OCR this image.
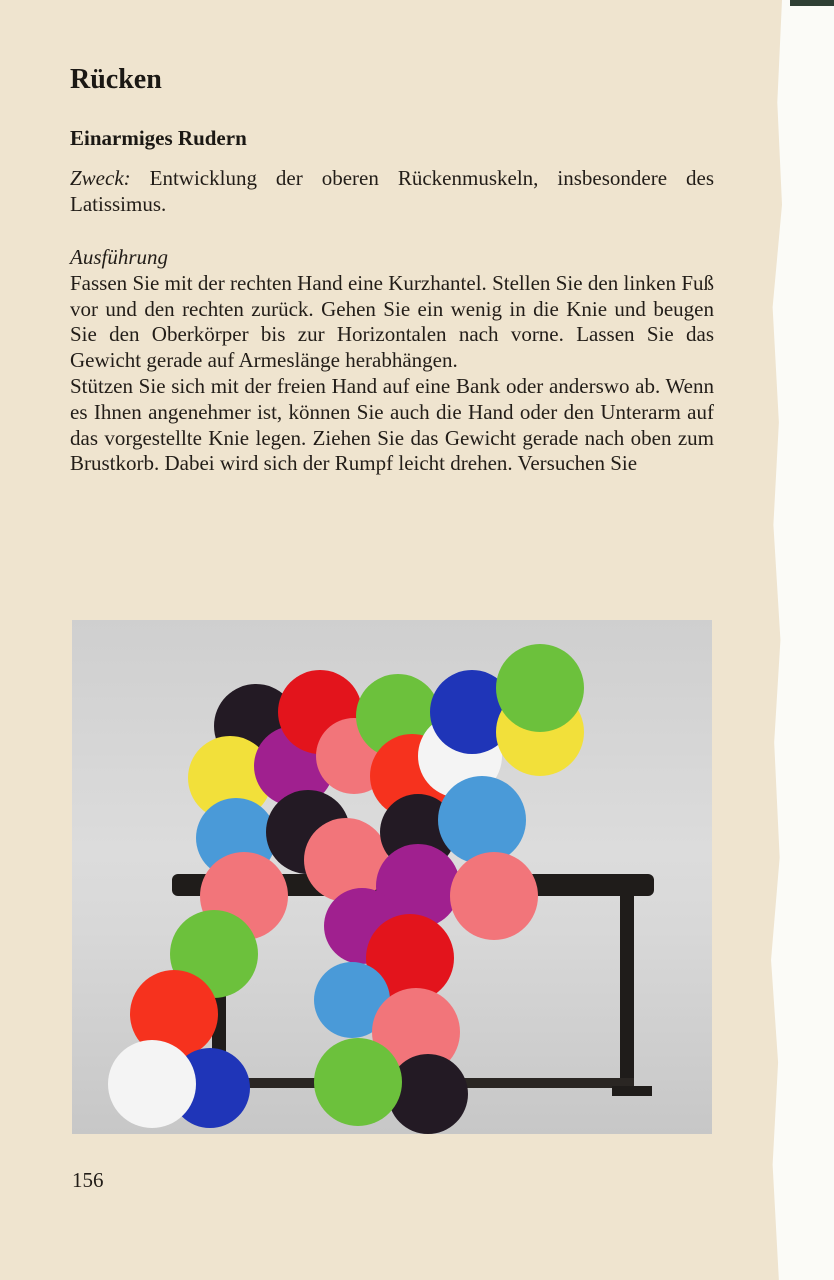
Rücken
Einarmiges Rudern

Zweck: Entwicklung der oberen Rückenmuskeln, insbesondere des Latissimus.

Ausführung
Fassen Sie mit der rechten Hand eine Kurzhantel. Stellen Sie den linken Fuß vor und den rechten zurück. Gehen Sie ein wenig in die Knie und beugen Sie den Oberkörper bis zur Horizontalen nach vorne. Lassen Sie das Gewicht gerade auf Armeslänge herabhängen.
Stützen Sie sich mit der freien Hand auf eine Bank oder anderswo ab. Wenn es Ihnen angenehmer ist, können Sie auch die Hand oder den Unterarm auf das vorgestellte Knie legen. Ziehen Sie das Gewicht gerade nach oben zum Brustkorb. Dabei wird sich der Rumpf leicht drehen. Versuchen Sie
156
